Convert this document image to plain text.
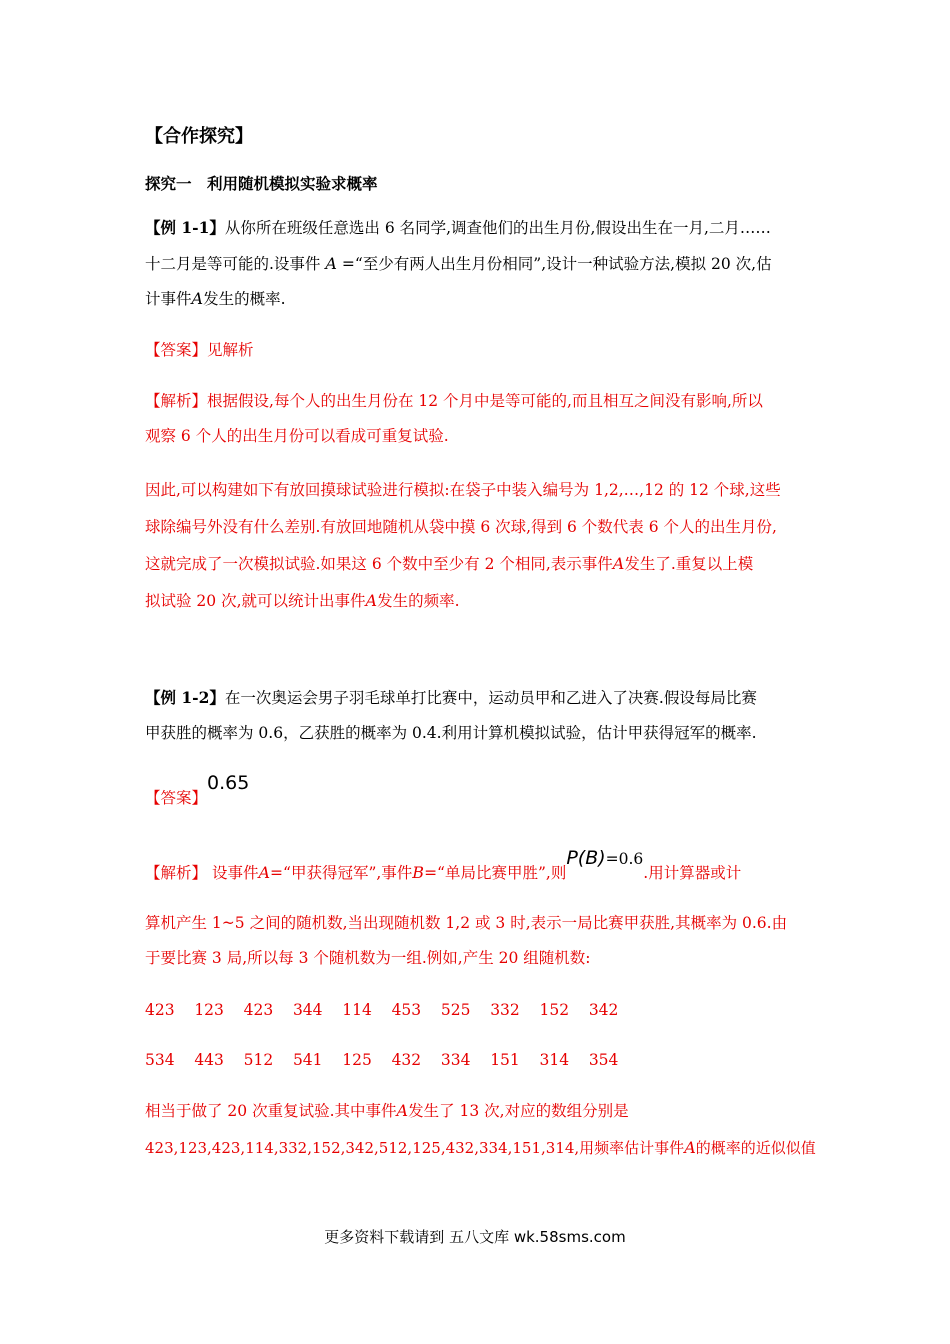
【合作探究】
探究一　利用随机模拟实验求概率
【例 1-1】从你所在班级任意选出 6 名同学,调查他们的出生月份,假设出生在一月,二月……
十二月是等可能的.设事件 A =“至少有两人出生月份相同”,设计一种试验方法,模拟 20 次,估
计事件A发生的概率.
【答案】见解析
【解析】根据假设,每个人的出生月份在 12 个月中是等可能的,而且相互之间没有影响,所以
观察 6 个人的出生月份可以看成可重复试验.
因此,可以构建如下有放回摸球试验进行模拟:在袋子中装入编号为 1,2,…,12 的 12 个球,这些
球除编号外没有什么差别.有放回地随机从袋中摸 6 次球,得到 6 个数代表 6 个人的出生月份,
这就完成了一次模拟试验.如果这 6 个数中至少有 2 个相同,表示事件A发生了.重复以上模
拟试验 20 次,就可以统计出事件A发生的频率.
【例 1-2】在一次奥运会男子羽毛球单打比赛中，运动员甲和乙进入了决赛.假设每局比赛
甲获胜的概率为 0.6，乙获胜的概率为 0.4.利用计算机模拟试验，估计甲获得冠军的概率.
【答案】0.65
【解析】 设事件A=“甲获得冠军”,事件B=“单局比赛甲胜”,则P(B)=0.6.用计算器或计
算机产生 1~5 之间的随机数,当出现随机数 1,2 或 3 时,表示一局比赛甲获胜,其概率为 0.6.由
于要比赛 3 局,所以每 3 个随机数为一组.例如,产生 20 组随机数:
423 123 423 344 114 453 525 332 152 342
534 443 512 541 125 432 334 151 314 354
相当于做了 20 次重复试验.其中事件A发生了 13 次,对应的数组分别是
423,123,423,114,332,152,342,512,125,432,334,151,314,用频率估计事件A的概率的近似似值
更多资料下载请到 五八文库 wk.58sms.com
